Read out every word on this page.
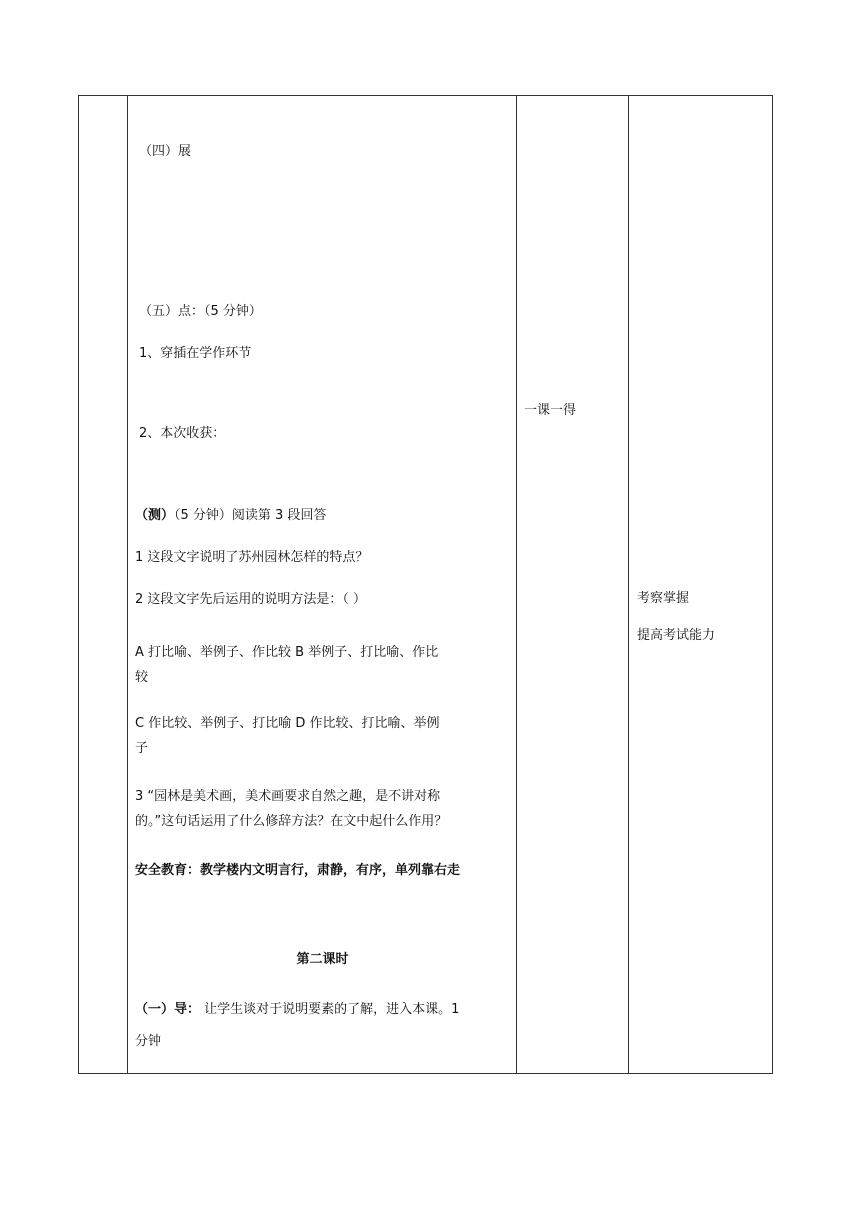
（四）展
（五）点：（5 分钟）
1、穿插在学作环节
2、本次收获：
（测）（5 分钟）阅读第 3 段回答
1 这段文字说明了苏州园林怎样的特点？
2 这段文字先后运用的说明方法是：（ ）
A 打比喻、举例子、作比较 B 举例子、打比喻、作比
较
C 作比较、举例子、打比喻 D 作比较、打比喻、举例
子
3 “园林是美术画，美术画要求自然之趣，是不讲对称
的。”这句话运用了什么修辞方法？在文中起什么作用？
安全教育：教学楼内文明言行，肃静，有序，单列靠右走
第二课时
（一）导： 让学生谈对于说明要素的了解，进入本课。1
分钟
一课一得
考察掌握
提高考试能力
